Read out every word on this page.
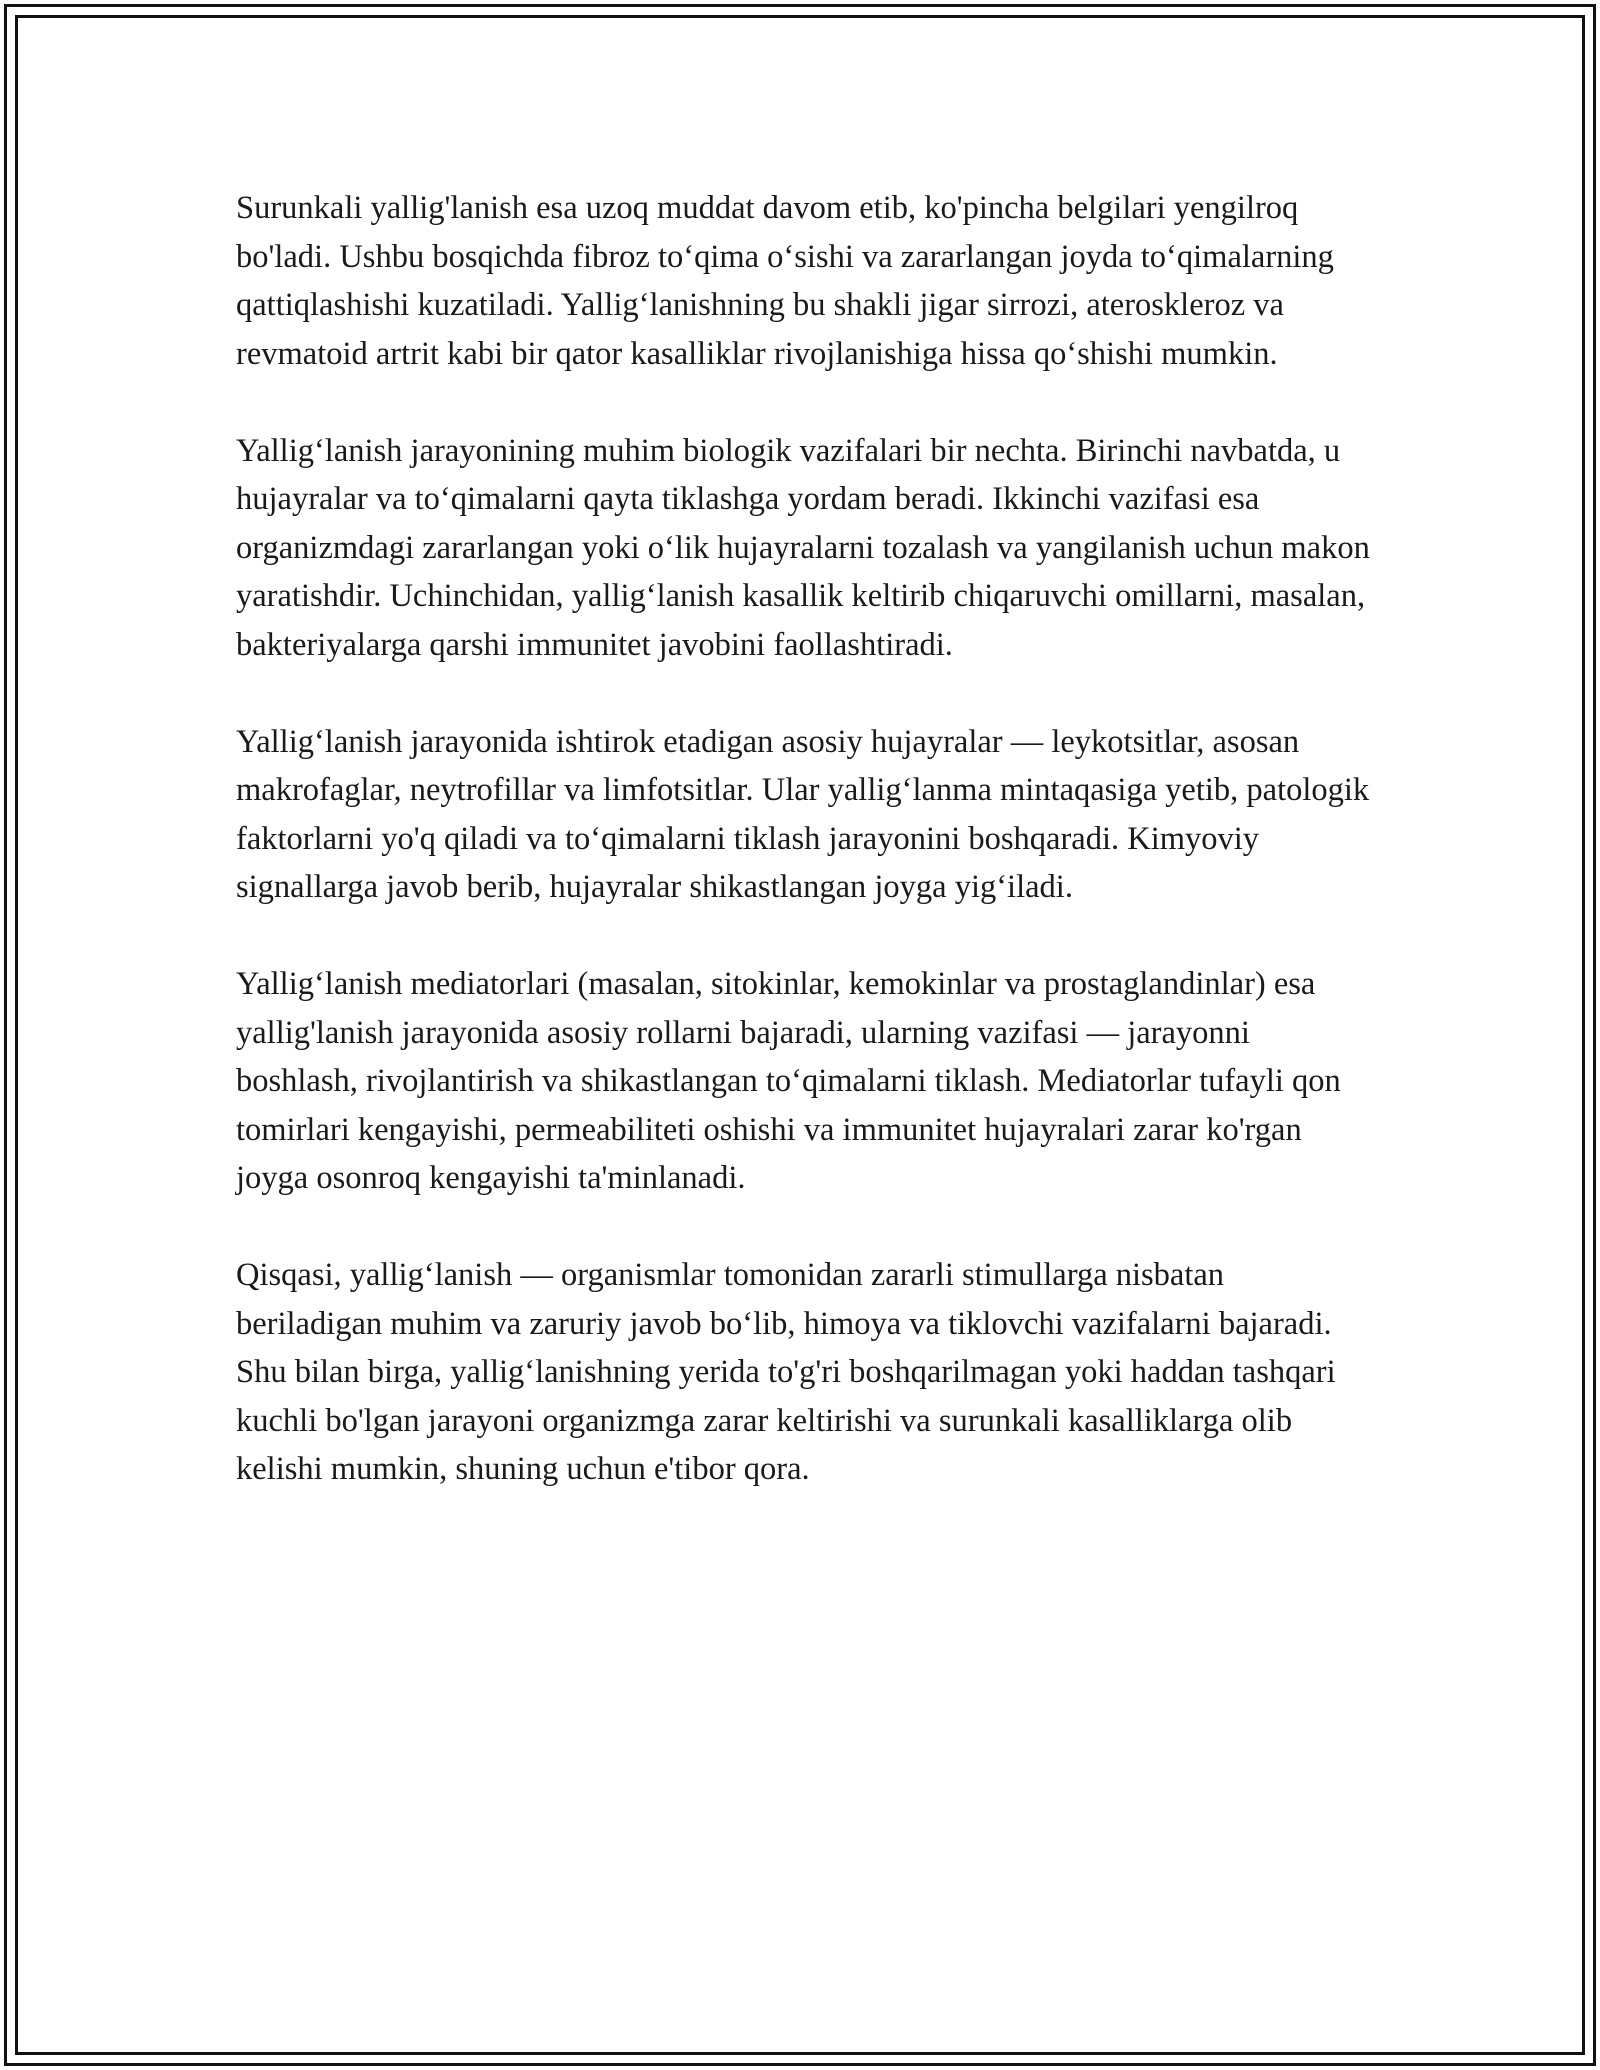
Surunkali yallig'lanish esa uzoq muddat davom etib, ko'pincha belgilari yengilroq bo'ladi. Ushbu bosqichda fibroz to‘qima o‘sishi va zararlangan joyda to‘qimalarning qattiqlashishi kuzatiladi. Yallig‘lanishning bu shakli jigar sirrozi, ateroskleroz va revmatoid artrit kabi bir qator kasalliklar rivojlanishiga hissa qo‘shishi mumkin.

Yallig‘lanish jarayonining muhim biologik vazifalari bir nechta. Birinchi navbatda, u hujayralar va to‘qimalarni qayta tiklashga yordam beradi. Ikkinchi vazifasi esa organizmdagi zararlangan yoki o‘lik hujayralarni tozalash va yangilanish uchun makon yaratishdir. Uchinchidan, yallig‘lanish kasallik keltirib chiqaruvchi omillarni, masalan, bakteriyalarga qarshi immunitet javobini faollashtiradi.

Yallig‘lanish jarayonida ishtirok etadigan asosiy hujayralar — leykotsitlar, asosan makrofaglar, neytrofillar va limfotsitlar. Ular yallig‘lanma mintaqasiga yetib, patologik faktorlarni yo'q qiladi va to‘qimalarni tiklash jarayonini boshqaradi. Kimyoviy signallarga javob berib, hujayralar shikastlangan joyga yig‘iladi.

Yallig‘lanish mediatorlari (masalan, sitokinlar, kemokinlar va prostaglandinlar) esa yallig'lanish jarayonida asosiy rollarni bajaradi, ularning vazifasi — jarayonni boshlash, rivojlantirish va shikastlangan to‘qimalarni tiklash. Mediatorlar tufayli qon tomirlari kengayishi, permeabiliteti oshishi va immunitet hujayralari zarar ko'rgan joyga osonroq kengayishi ta'minlanadi.

Qisqasi, yallig‘lanish — organismlar tomonidan zararli stimullarga nisbatan beriladigan muhim va zaruriy javob bo‘lib, himoya va tiklovchi vazifalarni bajaradi. Shu bilan birga, yallig‘lanishning yerida to'g'ri boshqarilmagan yoki haddan tashqari kuchli bo'lgan jarayoni organizmga zarar keltirishi va surunkali kasalliklarga olib kelishi mumkin, shuning uchun e'tibor qora.
